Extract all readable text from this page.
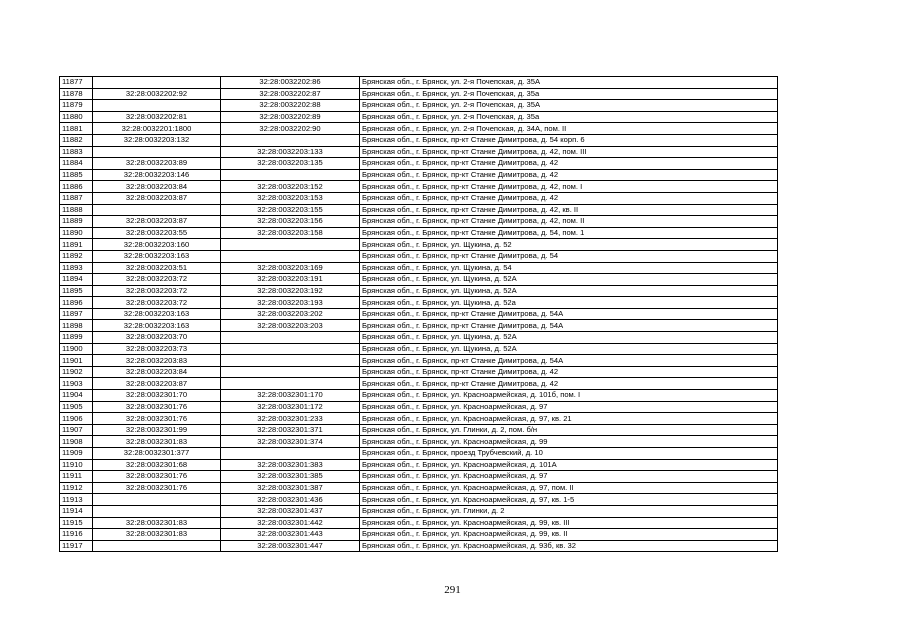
11877		32:28:0032202:86	Брянская обл., г. Брянск, ул. 2-я Почепская, д. 35А
11878	32:28:0032202:92	32:28:0032202:87	Брянская обл., г. Брянск, ул. 2-я Почепская, д. 35а
11879		32:28:0032202:88	Брянская обл., г. Брянск, ул. 2-я Почепская, д. 35А
11880	32:28:0032202:81	32:28:0032202:89	Брянская обл., г. Брянск, ул. 2-я Почепская, д. 35а
11881	32:28:0032201:1800	32:28:0032202:90	Брянская обл., г. Брянск, ул. 2-я Почепская, д. 34А, пом. II
11882	32:28:0032203:132		Брянская обл., г. Брянск, пр-кт Станке Димитрова, д. 54 корп. 6
11883		32:28:0032203:133	Брянская обл., г. Брянск, пр-кт Станке Димитрова, д. 42, пом. III
11884	32:28:0032203:89	32:28:0032203:135	Брянская обл., г. Брянск, пр-кт Станке Димитрова, д. 42
11885	32:28:0032203:146		Брянская обл., г. Брянск, пр-кт Станке Димитрова, д. 42
11886	32:28:0032203:84	32:28:0032203:152	Брянская обл., г. Брянск, пр-кт Станке Димитрова, д. 42, пом. I
11887	32:28:0032203:87	32:28:0032203:153	Брянская обл., г. Брянск, пр-кт Станке Димитрова, д. 42
11888		32:28:0032203:155	Брянская обл., г. Брянск, пр-кт Станке Димитрова, д. 42, кв. II
11889	32:28:0032203:87	32:28:0032203:156	Брянская обл., г. Брянск, пр-кт Станке Димитрова, д. 42, пом. II
11890	32:28:0032203:55	32:28:0032203:158	Брянская обл., г. Брянск, пр-кт Станке Димитрова, д. 54, пом. 1
11891	32:28:0032203:160		Брянская обл., г. Брянск, ул. Щукина, д. 52
11892	32:28:0032203:163		Брянская обл., г. Брянск, пр-кт Станке Димитрова, д. 54
11893	32:28:0032203:51	32:28:0032203:169	Брянская обл., г. Брянск, ул. Щукина, д. 54
11894	32:28:0032203:72	32:28:0032203:191	Брянская обл., г. Брянск, ул. Щукина, д. 52А
11895	32:28:0032203:72	32:28:0032203:192	Брянская обл., г. Брянск, ул. Щукина, д. 52А
11896	32:28:0032203:72	32:28:0032203:193	Брянская обл., г. Брянск, ул. Щукина, д. 52а
11897	32:28:0032203:163	32:28:0032203:202	Брянская обл., г. Брянск, пр-кт Станке Димитрова, д. 54А
11898	32:28:0032203:163	32:28:0032203:203	Брянская обл., г. Брянск, пр-кт Станке Димитрова, д. 54А
11899	32:28:0032203:70		Брянская обл., г. Брянск, ул. Щукина, д. 52А
11900	32:28:0032203:73		Брянская обл., г. Брянск, ул. Щукина, д. 52А
11901	32:28:0032203:83		Брянская обл., г. Брянск, пр-кт Станке Димитрова, д. 54А
11902	32:28:0032203:84		Брянская обл., г. Брянск, пр-кт Станке Димитрова, д. 42
11903	32:28:0032203:87		Брянская обл., г. Брянск, пр-кт Станке Димитрова, д. 42
11904	32:28:0032301:70	32:28:0032301:170	Брянская обл., г. Брянск, ул. Красноармейская, д. 101б, пом. I
11905	32:28:0032301:76	32:28:0032301:172	Брянская обл., г. Брянск, ул. Красноармейская, д. 97
11906	32:28:0032301:76	32:28:0032301:233	Брянская обл., г. Брянск, ул. Красноармейская, д. 97, кв. 21
11907	32:28:0032301:99	32:28:0032301:371	Брянская обл., г. Брянск, ул. Глинки, д. 2, пом. б/н
11908	32:28:0032301:83	32:28:0032301:374	Брянская обл., г. Брянск, ул. Красноармейская, д. 99
11909	32:28:0032301:377		Брянская обл., г. Брянск, проезд Трубчевский, д. 10
11910	32:28:0032301:68	32:28:0032301:383	Брянская обл., г. Брянск, ул. Красноармейская, д. 101А
11911	32:28:0032301:76	32:28:0032301:385	Брянская обл., г. Брянск, ул. Красноармейская, д. 97
11912	32:28:0032301:76	32:28:0032301:387	Брянская обл., г. Брянск, ул. Красноармейская, д. 97, пом. II
11913		32:28:0032301:436	Брянская обл., г. Брянск, ул. Красноармейская, д. 97, кв. 1-5
11914		32:28:0032301:437	Брянская обл., г. Брянск, ул. Глинки, д. 2
11915	32:28:0032301:83	32:28:0032301:442	Брянская обл., г. Брянск, ул. Красноармейская, д. 99, кв. III
11916	32:28:0032301:83	32:28:0032301:443	Брянская обл., г. Брянск, ул. Красноармейская, д. 99, кв. II
11917		32:28:0032301:447	Брянская обл., г. Брянск, ул. Красноармейская, д. 93б, кв. 32
291
